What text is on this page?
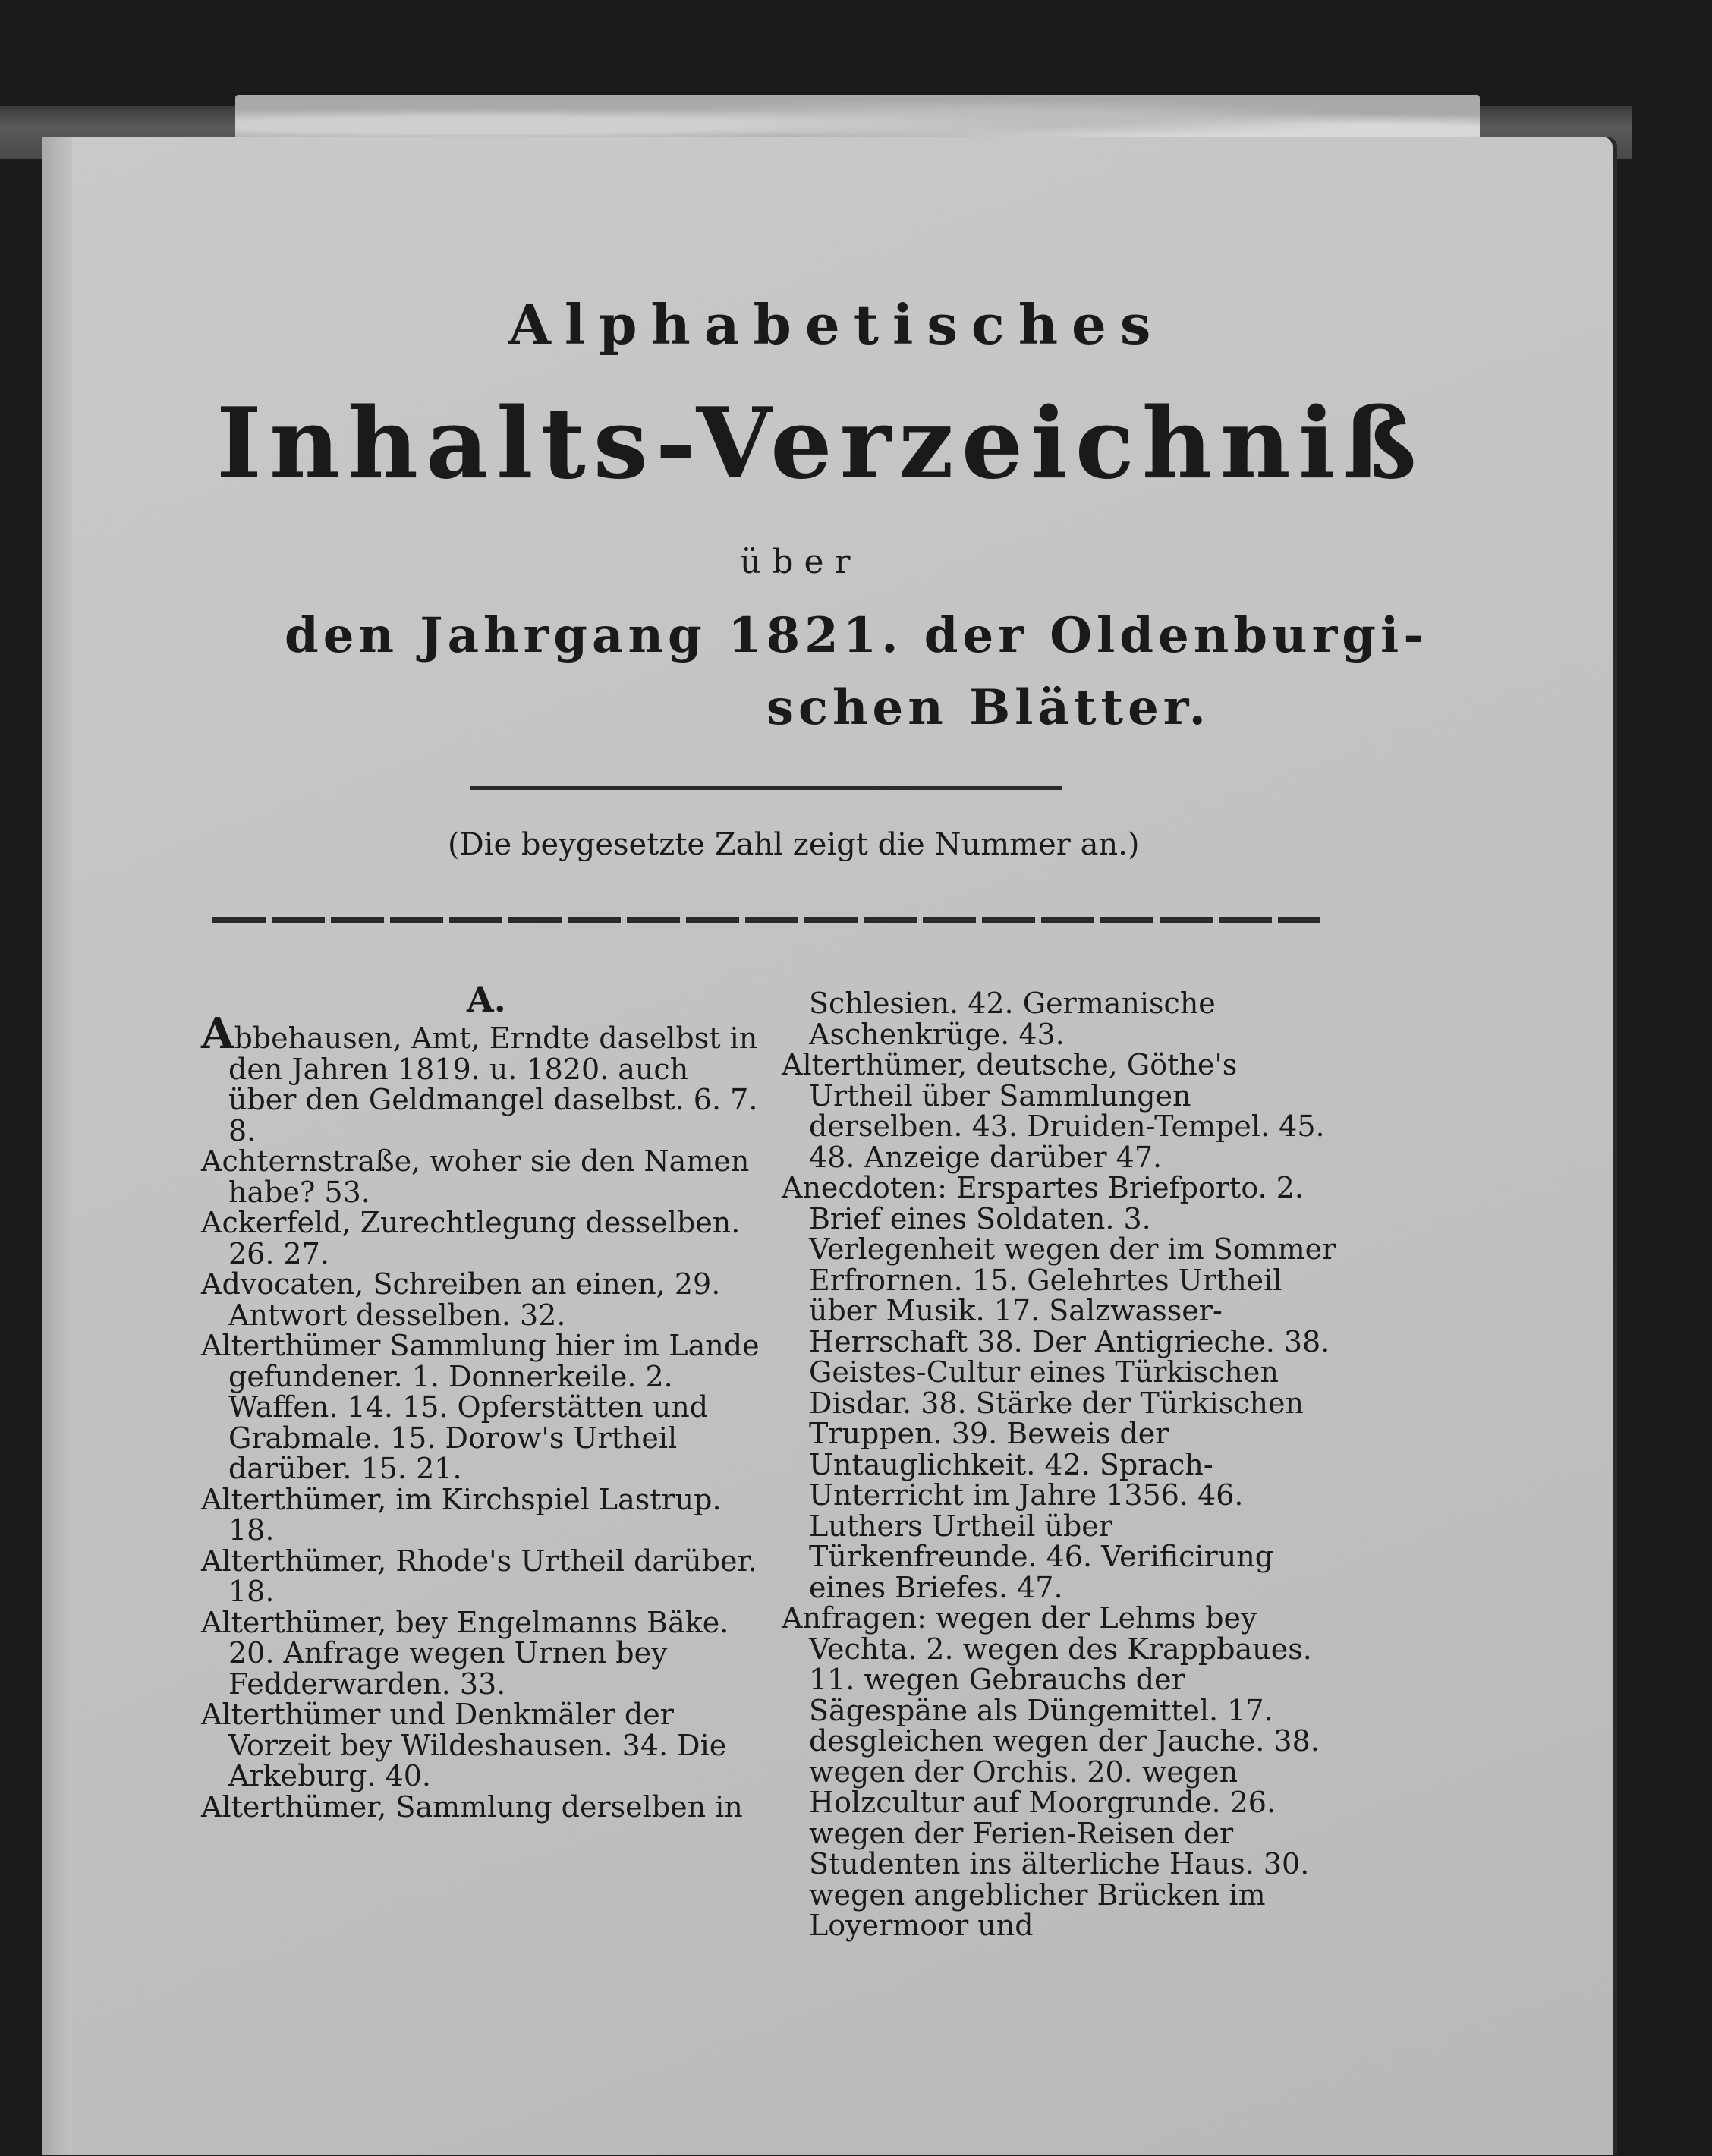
Alphabetisches

Inhalts-Verzeichniß

über

den Jahrgang 1821. der Oldenburgi-

schen Blätter.

(Die beygesetzte Zahl zeigt die Nummer an.)

A.

Abbehausen, Amt, Erndte daselbst in den Jahren 1819. u. 1820. auch über den Geldmangel daselbst. 6. 7. 8.

Achternstraße, woher sie den Namen habe? 53.

Ackerfeld, Zurechtlegung desselben. 26. 27.

Advocaten, Schreiben an einen, 29. Antwort desselben. 32.

Alterthümer Sammlung hier im Lande gefundener. 1. Donnerkeile. 2. Waffen. 14. 15. Opferstätten und Grabmale. 15. Dorow's Urtheil darüber. 15. 21.

Alterthümer, im Kirchspiel Lastrup. 18.

Alterthümer, Rhode's Urtheil darüber. 18.

Alterthümer, bey Engelmanns Bäke. 20. Anfrage wegen Urnen bey Fedderwarden. 33.

Alterthümer und Denkmäler der Vorzeit bey Wildeshausen. 34. Die Arkeburg. 40.

Alterthümer, Sammlung derselben in

Schlesien. 42. Germanische Aschenkrüge. 43.

Alterthümer, deutsche, Göthe's Urtheil über Sammlungen derselben. 43. Druiden-Tempel. 45. 48. Anzeige darüber 47.

Anecdoten: Erspartes Briefporto. 2. Brief eines Soldaten. 3. Verlegenheit wegen der im Sommer Erfrornen. 15. Gelehrtes Urtheil über Musik. 17. Salzwasser-Herrschaft 38. Der Antigrieche. 38. Geistes-Cultur eines Türkischen Disdar. 38. Stärke der Türkischen Truppen. 39. Beweis der Untauglichkeit. 42. Sprach-Unterricht im Jahre 1356. 46. Luthers Urtheil über Türkenfreunde. 46. Verificirung eines Briefes. 47.

Anfragen: wegen der Lehms bey Vechta. 2. wegen des Krappbaues. 11. wegen Gebrauchs der Sägespäne als Düngemittel. 17. desgleichen wegen der Jauche. 38. wegen der Orchis. 20. wegen Holzcultur auf Moorgrunde. 26. wegen der Ferien-Reisen der Studenten ins älterliche Haus. 30. wegen angeblicher Brücken im Loyermoor und
